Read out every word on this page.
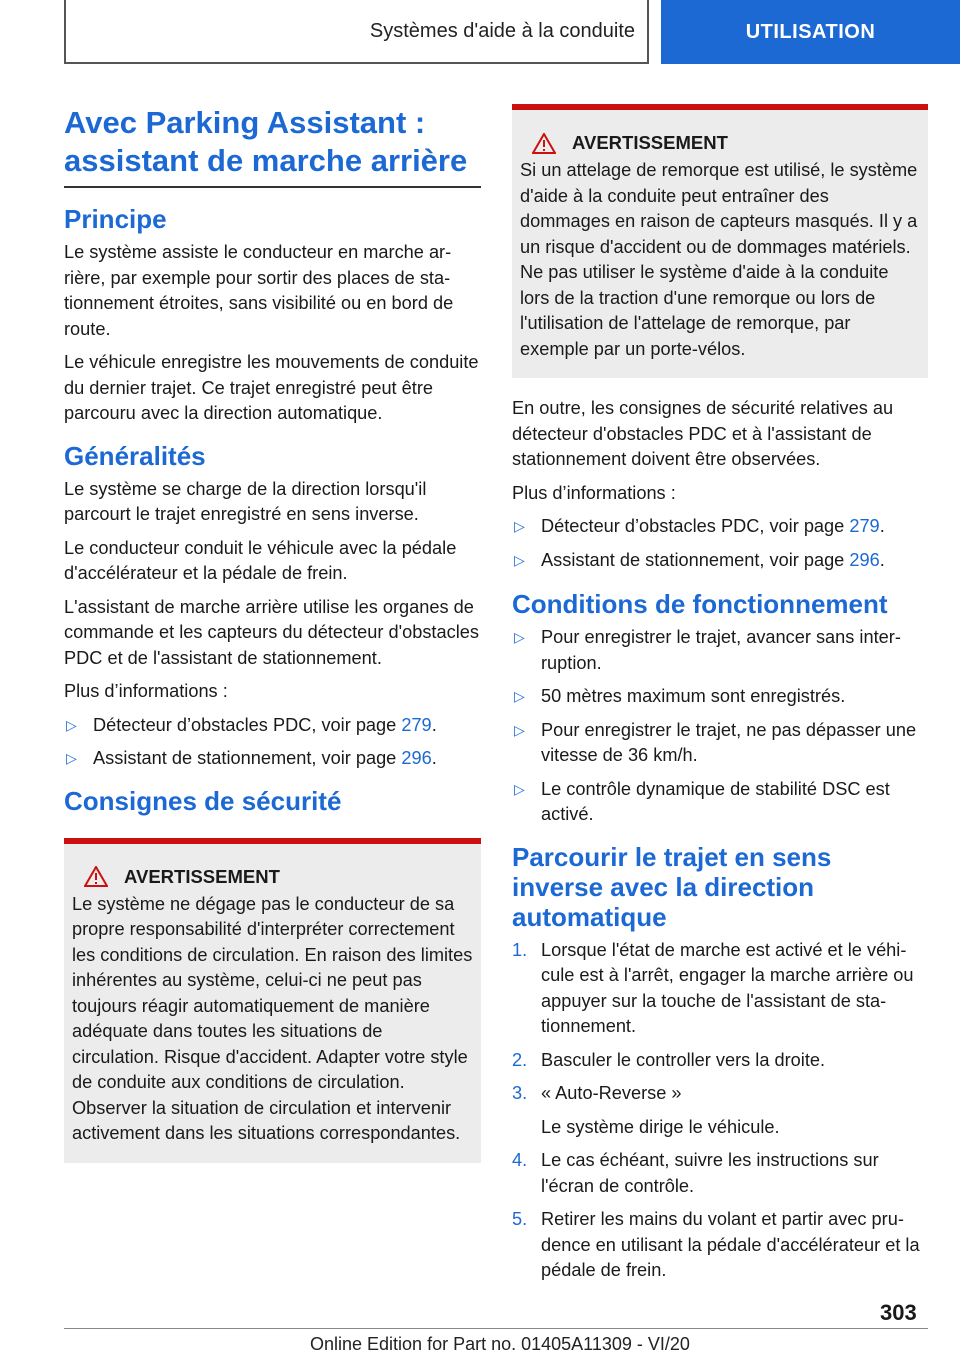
Systèmes d'aide à la conduite	UTILISATION
Avec Parking Assistant : assistant de marche arrière
Principe

Le système assiste le conducteur en marche arrière, par exemple pour sortir des places de stationnement étroites, sans visibilité ou en bord de route.

Le véhicule enregistre les mouvements de conduite du dernier trajet. Ce trajet enregistré peut être parcouru avec la direction automatique.

Généralités

Le système se charge de la direction lorsqu'il parcourt le trajet enregistré en sens inverse.

Le conducteur conduit le véhicule avec la pédale d'accélérateur et la pédale de frein.

L'assistant de marche arrière utilise les organes de commande et les capteurs du détecteur d'obstacles PDC et de l'assistant de stationnement.

Plus d’informations :

▷ Détecteur d’obstacles PDC, voir page 279.
▷ Assistant de stationnement, voir page 296.
Consignes de sécurité
AVERTISSEMENT

Le système ne dégage pas le conducteur de sa propre responsabilité d'interpréter correctement les conditions de circulation. En raison des limites inhérentes au système, celui-ci ne peut pas toujours réagir automatiquement de manière adéquate dans toutes les situations de circulation. Risque d'accident. Adapter votre style de conduite aux conditions de circulation. Observer la situation de circulation et intervenir activement dans les situations correspondantes.

AVERTISSEMENT

Si un attelage de remorque est utilisé, le système d'aide à la conduite peut entraîner des dommages en raison de capteurs masqués. Il y a un risque d'accident ou de dommages matériels. Ne pas utiliser le système d'aide à la conduite lors de la traction d'une remorque ou lors de l'utilisation de l'attelage de remorque, par exemple par un porte-vélos.

En outre, les consignes de sécurité relatives au détecteur d'obstacles PDC et à l'assistant de stationnement doivent être observées.

Plus d’informations :

▷ Détecteur d’obstacles PDC, voir page 279.
▷ Assistant de stationnement, voir page 296.
Conditions de fonctionnement
▷ Pour enregistrer le trajet, avancer sans interruption.
▷ 50 mètres maximum sont enregistrés.
▷ Pour enregistrer le trajet, ne pas dépasser une vitesse de 36 km/h.
▷ Le contrôle dynamique de stabilité DSC est activé.
Parcourir le trajet en sens inverse avec la direction automatique
1. Lorsque l'état de marche est activé et le véhicule est à l'arrêt, engager la marche arrière ou appuyer sur la touche de l'assistant de stationnement.
2. Basculer le controller vers la droite.
3. « Auto-Reverse »
Le système dirige le véhicule.
4. Le cas échéant, suivre les instructions sur l'écran de contrôle.
5. Retirer les mains du volant et partir avec prudence en utilisant la pédale d'accélérateur et la pédale de frein.
303
Online Edition for Part no. 01405A11309 - VI/20
